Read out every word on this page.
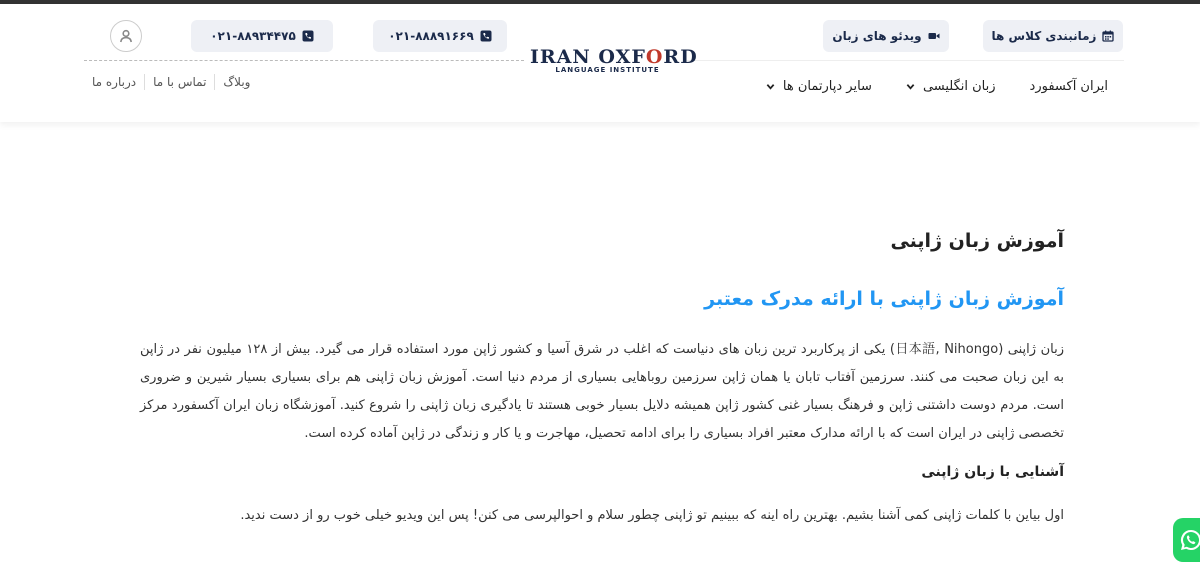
زمانبندی کلاس ها
ویدئو های زبان
۰۲۱-۸۸۸۹۱۶۶۹
۰۲۱-۸۸۹۳۴۴۷۵
IRAN OXFORD
LANGUAGE INSTITUTE
درباره ما	تماس با ما	وبلاگ	ایران آکسفورد
زبان انگلیسی
سایر دپارتمان ها
آموزش زبان ژاپنی
آموزش زبان ژاپنی با ارائه مدرک معتبر

زبان ژاپنی (日本語, Nihongo) یکی از پرکاربرد ترین زبان های دنیاست که اغلب در شرق آسیا و کشور ژاپن مورد استفاده قرار می گیرد. بیش از ۱۲۸ میلیون نفر در ژاپن به این زبان صحبت می کنند. سرزمین آفتاب تابان یا همان ژاپن سرزمین روباهایی بسیاری از مردم دنیا است. آموزش زبان ژاپنی هم برای بسیاری بسیار شیرین و ضروری است. مردم دوست داشتنی ژاپن و فرهنگ بسیار غنی کشور ژاپن همیشه دلایل بسیار خوبی هستند تا یادگیری زبان ژاپنی را شروع کنید. آموزشگاه زبان ایران آکسفورد مرکز تخصصی ژاپنی در ایران است که با ارائه مدارک معتبر افراد بسیاری را برای ادامه تحصیل، مهاجرت و یا کار و زندگی در ژاپن آماده کرده است.

آشنایی با زبان ژاپنی

اول بیاین با کلمات ژاپنی کمی آشنا بشیم. بهترین راه اینه که ببینیم تو ژاپنی چطور سلام و احوالپرسی می کنن! پس این ویدیو خیلی خوب رو از دست ندید.
